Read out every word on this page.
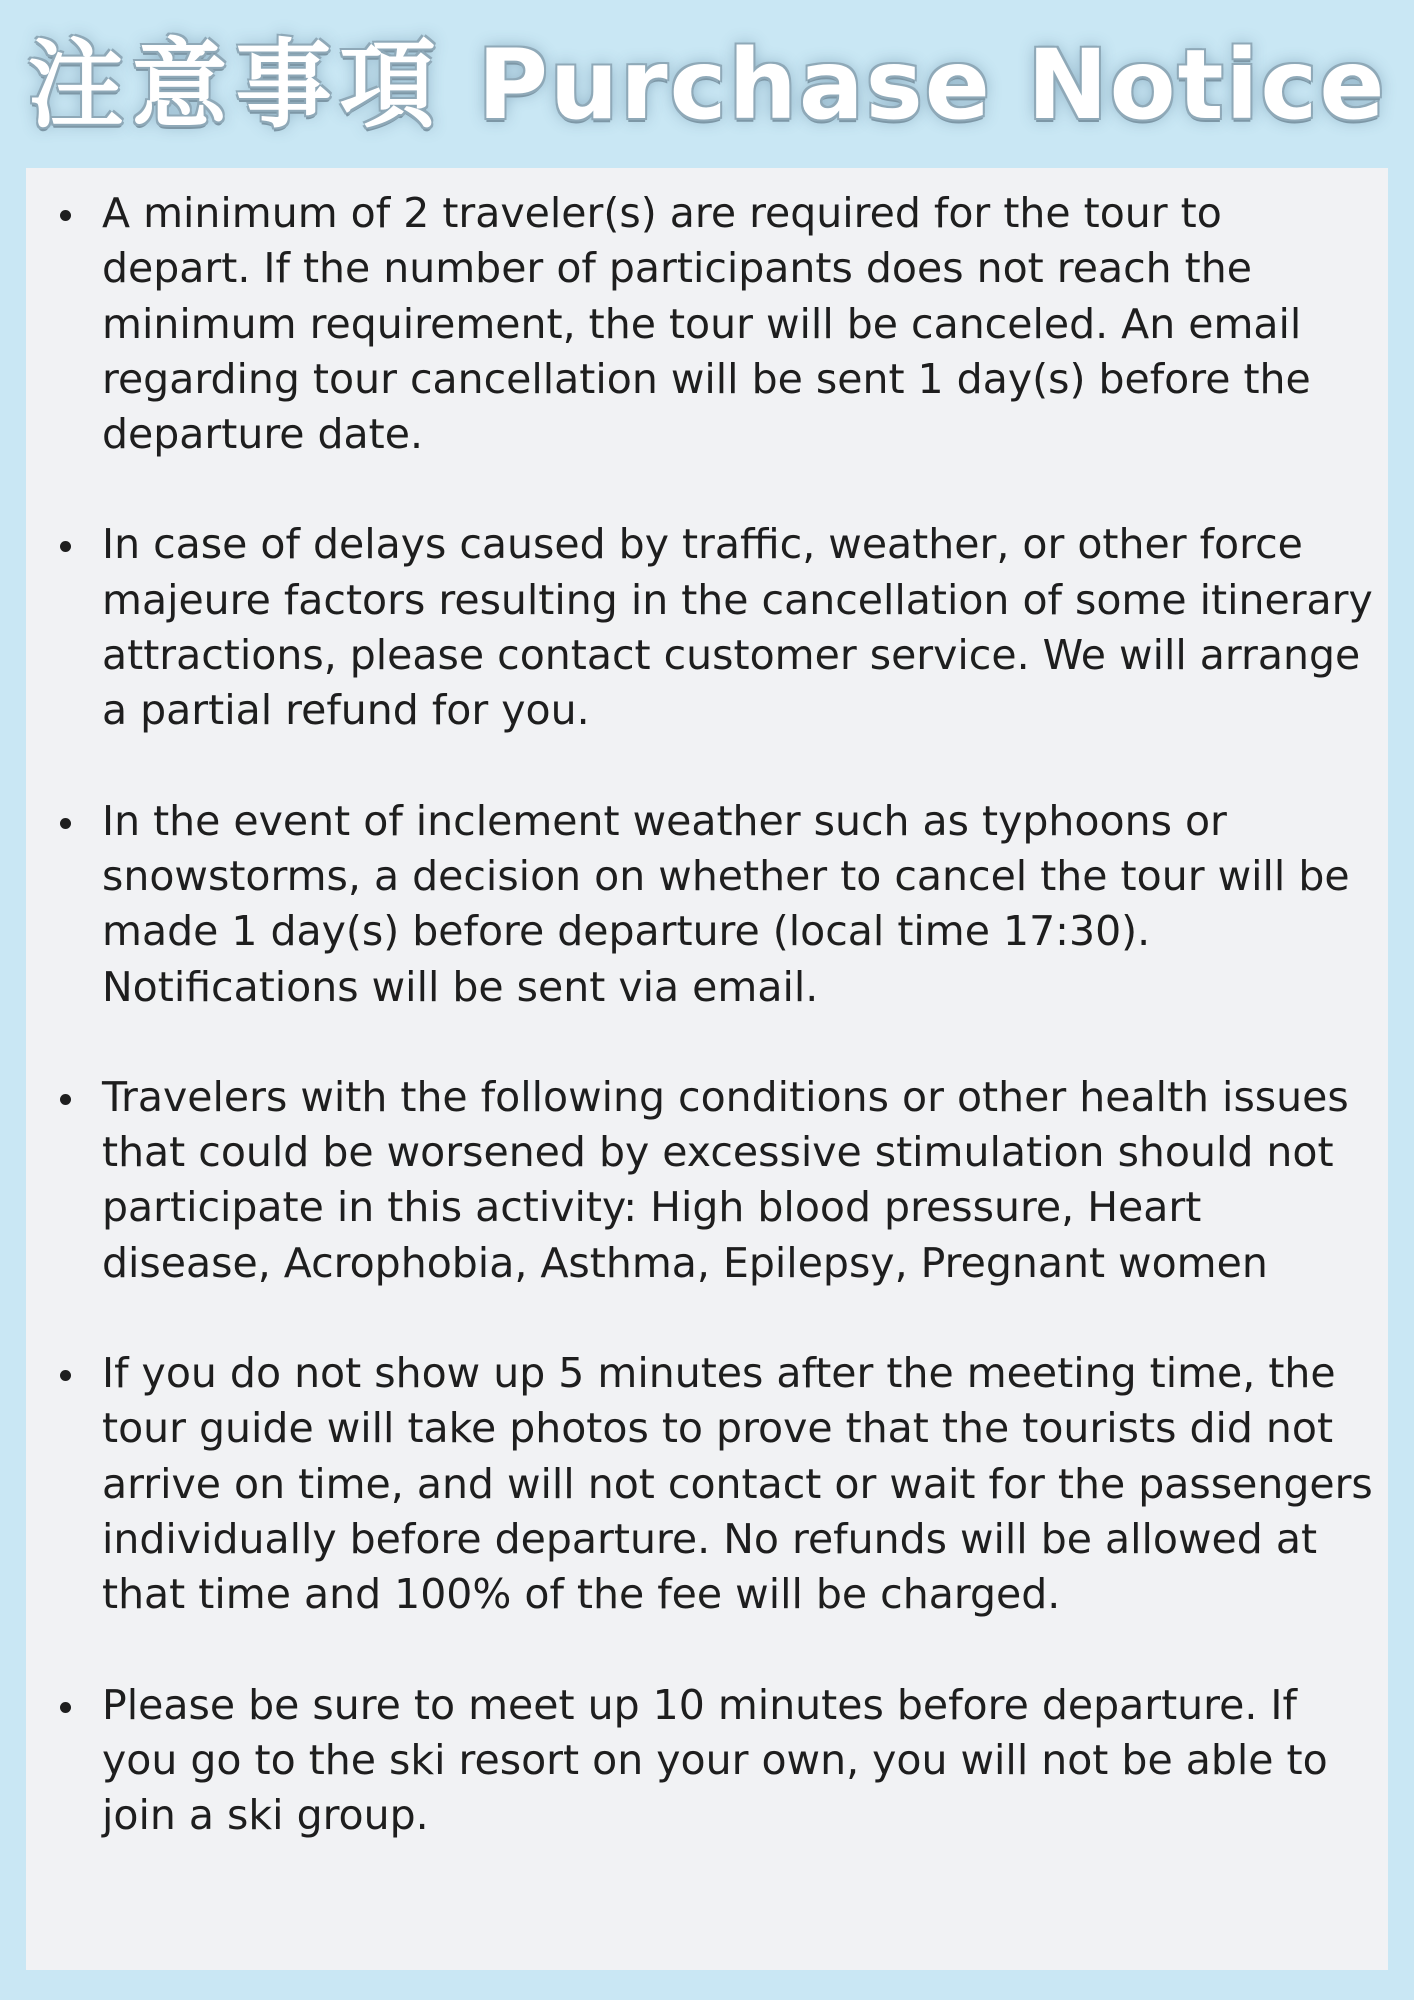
注意事項 Purchase Notice
A minimum of 2 traveler(s) are required for the tour to depart. If the number of participants does not reach the minimum requirement, the tour will be canceled. An email regarding tour cancellation will be sent 1 day(s) before the departure date.
In case of delays caused by traffic, weather, or other force majeure factors resulting in the cancellation of some itinerary attractions, please contact customer service. We will arrange a partial refund for you.
In the event of inclement weather such as typhoons or snowstorms, a decision on whether to cancel the tour will be made 1 day(s) before departure (local time 17:30). Notifications will be sent via email.
Travelers with the following conditions or other health issues that could be worsened by excessive stimulation should not participate in this activity: High blood pressure, Heart disease, Acrophobia, Asthma, Epilepsy, Pregnant women
If you do not show up 5 minutes after the meeting time, the tour guide will take photos to prove that the tourists did not arrive on time, and will not contact or wait for the passengers individually before departure. No refunds will be allowed at that time and 100% of the fee will be charged.
Please be sure to meet up 10 minutes before departure. If you go to the ski resort on your own, you will not be able to join a ski group.
